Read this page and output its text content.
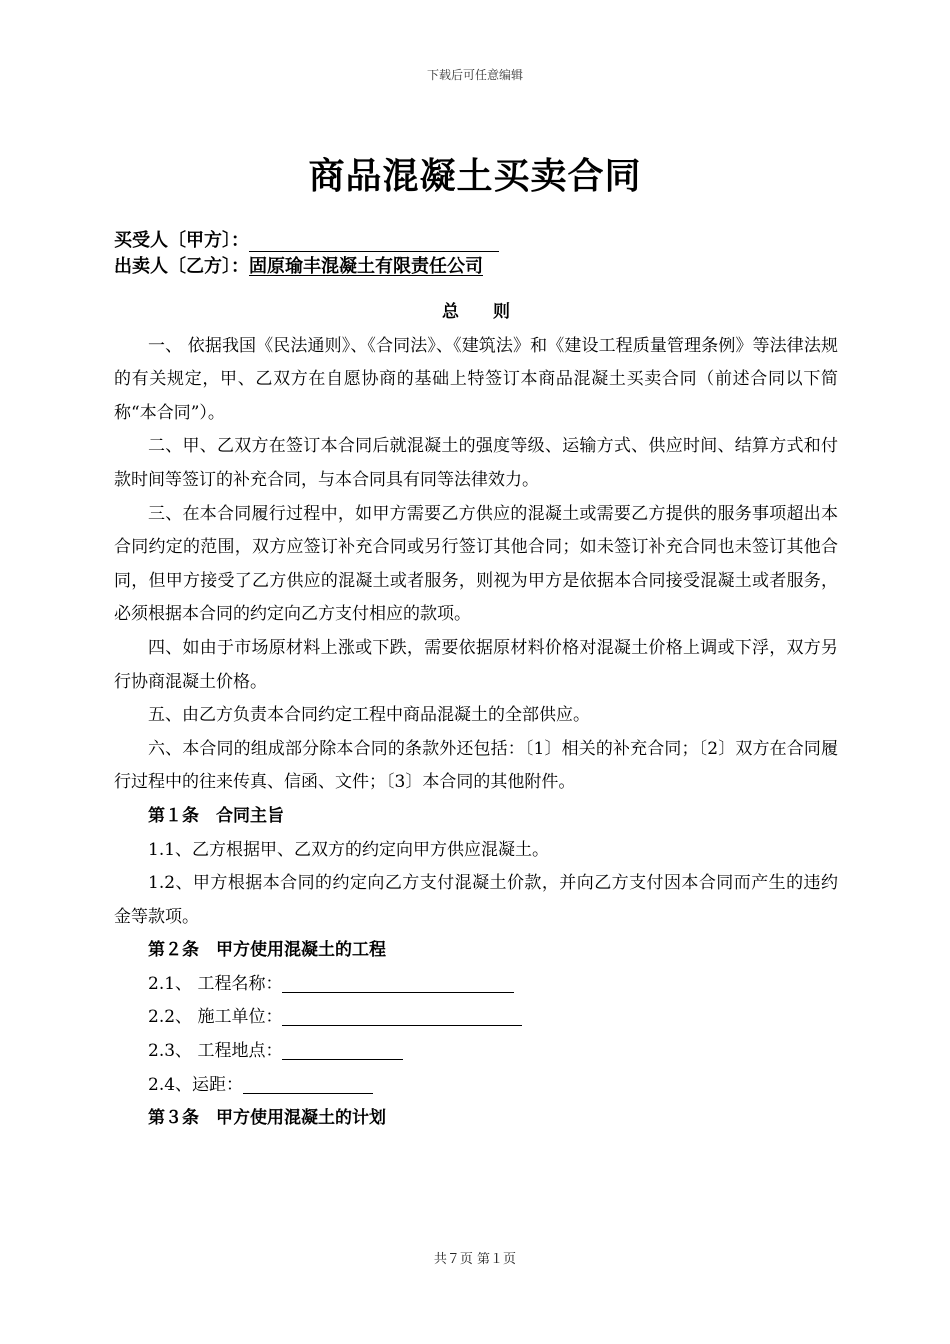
下载后可任意编辑
商品混凝土买卖合同
买受人〔甲方〕：
出卖人〔乙方〕： 固原瑜丰混凝土有限责任公司
总　　则

一、 依据我国《民法通则》、《合同法》、《建筑法》和《建设工程质量管理条例》等法律法规的有关规定，甲、乙双方在自愿协商的基础上特签订本商品混凝土买卖合同（前述合同以下简称“本合同”）。

二、甲、乙双方在签订本合同后就混凝土的强度等级、运输方式、供应时间、结算方式和付款时间等签订的补充合同，与本合同具有同等法律效力。

三、在本合同履行过程中，如甲方需要乙方供应的混凝土或需要乙方提供的服务事项超出本合同约定的范围，双方应签订补充合同或另行签订其他合同；如未签订补充合同也未签订其他合同，但甲方接受了乙方供应的混凝土或者服务，则视为甲方是依据本合同接受混凝土或者服务，必须根据本合同的约定向乙方支付相应的款项。

四、如由于市场原材料上涨或下跌，需要依据原材料价格对混凝土价格上调或下浮，双方另行协商混凝土价格。

五、由乙方负责本合同约定工程中商品混凝土的全部供应。

六、本合同的组成部分除本合同的条款外还包括：〔1〕相关的补充合同；〔2〕双方在合同履行过程中的往来传真、信函、文件；〔3〕本合同的其他附件。

第１条　合同主旨

1.1、乙方根据甲、乙双方的约定向甲方供应混凝土。

1.2、甲方根据本合同的约定向乙方支付混凝土价款，并向乙方支付因本合同而产生的违约金等款项。

第２条　甲方使用混凝土的工程

2.1、 工程名称：

2.2、 施工单位：

2.3、 工程地点：

2.4、运距：

第３条　甲方使用混凝土的计划

共７页 第１页
